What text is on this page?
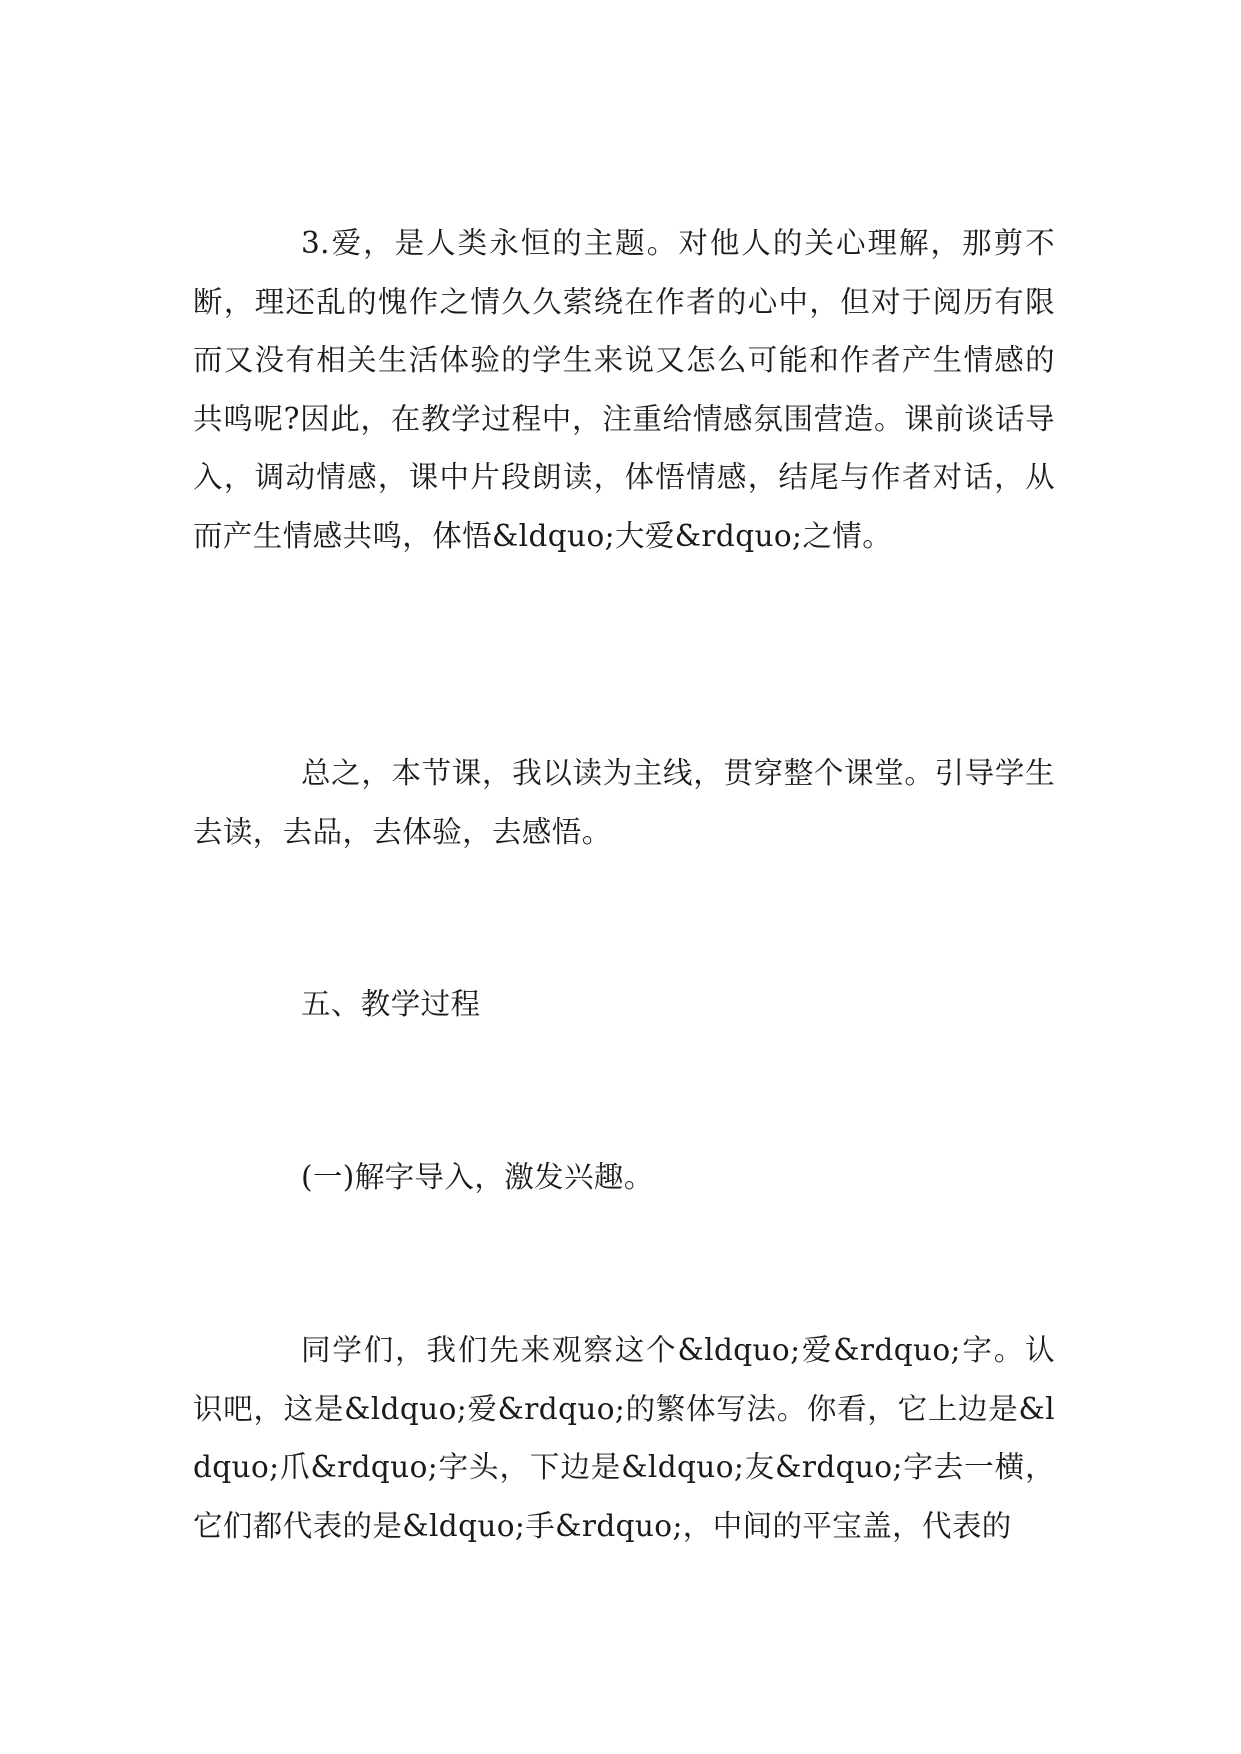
3.爱，是人类永恒的主题。对他人的关心理解，那剪不断，理还乱的愧作之情久久萦绕在作者的心中，但对于阅历有限而又没有相关生活体验的学生来说又怎么可能和作者产生情感的共鸣呢?因此，在教学过程中，注重给情感氛围营造。课前谈话导入，调动情感，课中片段朗读，体悟情感，结尾与作者对话，从而产生情感共鸣，体悟&ldquo;大爱&rdquo;之情。

总之，本节课，我以读为主线，贯穿整个课堂。引导学生去读，去品，去体验，去感悟。

五、教学过程

(一)解字导入，激发兴趣。

同学们，我们先来观察这个&ldquo;爱&rdquo;字。认识吧，这是&ldquo;爱&rdquo;的繁体写法。你看，它上边是&ldquo;爪&rdquo;字头，下边是&ldquo;友&rdquo;字去一横，它们都代表的是&ldquo;手&rdquo;，中间的平宝盖，代表的
